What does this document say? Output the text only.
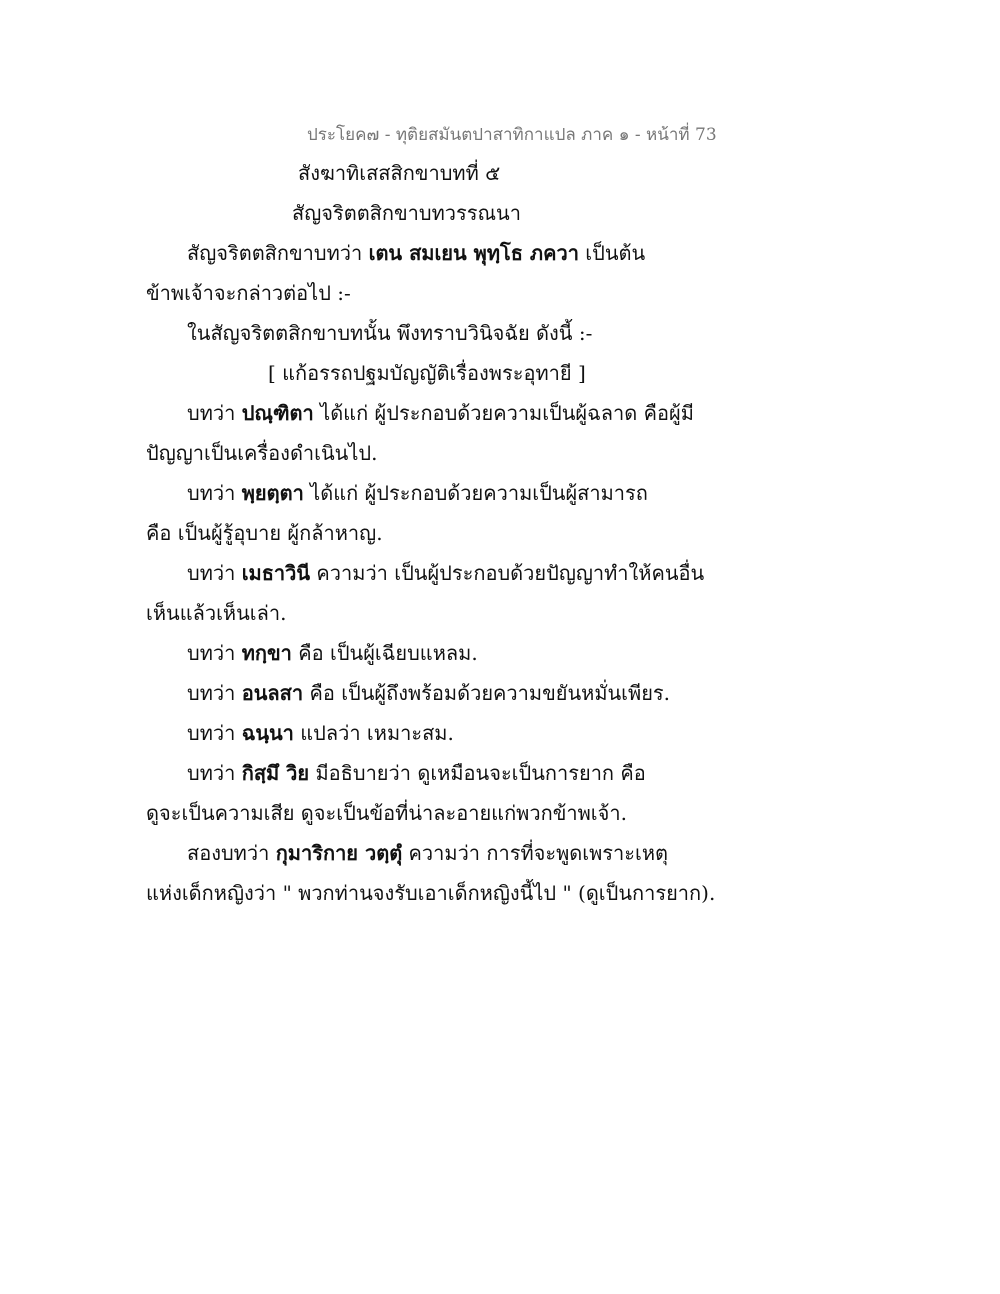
ประโยค๗ - ทุติยสมันตปาสาทิกาแปล ภาค ๑ - หน้าที่ 73
สังฆาทิเสสสิกขาบทที่ ๕
สัญจริตตสิกขาบทวรรณนา
สัญจริตตสิกขาบทว่า เตน สมเยน พุทฺโธ ภควา เป็นต้น
ข้าพเจ้าจะกล่าวต่อไป :-
ในสัญจริตตสิกขาบทนั้น พึงทราบวินิจฉัย ดังนี้ :-
[ แก้อรรถปฐมบัญญัติเรื่องพระอุทายี ]
บทว่า ปณฺฑิตา ได้แก่ ผู้ประกอบด้วยความเป็นผู้ฉลาด คือผู้มี
ปัญญาเป็นเครื่องดำเนินไป.
บทว่า พฺยตฺตา ได้แก่ ผู้ประกอบด้วยความเป็นผู้สามารถ
คือ เป็นผู้รู้อุบาย ผู้กล้าหาญ.
บทว่า เมธาวินี ความว่า เป็นผู้ประกอบด้วยปัญญาทำให้คนอื่น
เห็นแล้วเห็นเล่า.
บทว่า ทกฺขา คือ เป็นผู้เฉียบแหลม.
บทว่า อนลสา คือ เป็นผู้ถึงพร้อมด้วยความขยันหมั่นเพียร.
บทว่า ฉนฺนา แปลว่า เหมาะสม.
บทว่า กิสฺมึ วิย มีอธิบายว่า ดูเหมือนจะเป็นการยาก คือ
ดูจะเป็นความเสีย ดูจะเป็นข้อที่น่าละอายแก่พวกข้าพเจ้า.
สองบทว่า กุมาริกาย วตฺตุํ ความว่า การที่จะพูดเพราะเหตุ
แห่งเด็กหญิงว่า " พวกท่านจงรับเอาเด็กหญิงนี้ไป " (ดูเป็นการยาก).
